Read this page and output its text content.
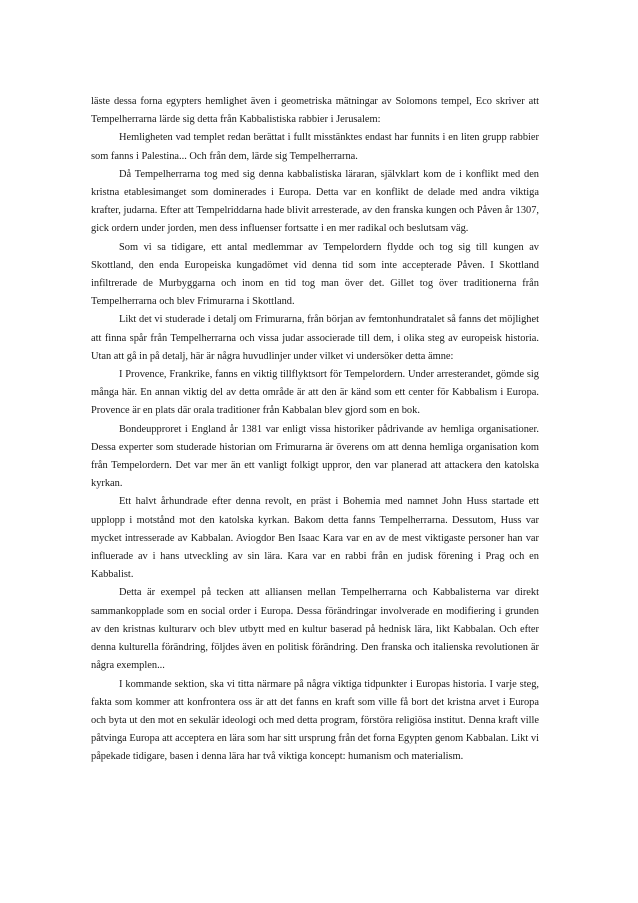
läste dessa forna egypters hemlighet även i geometriska mätningar av Solomons tempel, Eco skriver att Tempelherrarna lärde sig detta från Kabbalistiska rabbier i Jerusalem:

Hemligheten vad templet redan berättat i fullt misstänktes endast har funnits i en liten grupp rabbier som fanns i Palestina... Och från dem, lärde sig Tempelherrarna.

Då Tempelherrarna tog med sig denna kabbalistiska läraran, självklart kom de i konflikt med den kristna etablesimanget som dominerades i Europa. Detta var en konflikt de delade med andra viktiga krafter, judarna. Efter att Tempelriddarna hade blivit arresterade, av den franska kungen och Påven år 1307, gick ordern under jorden, men dess influenser fortsatte i en mer radikal och beslutsam väg.

Som vi sa tidigare, ett antal medlemmar av Tempelordern flydde och tog sig till kungen av Skottland, den enda Europeiska kungadömet vid denna tid som inte accepterade Påven. I Skottland infiltrerade de Murbyggarna och inom en tid tog man över det. Gillet tog över traditionerna från Tempelherrarna och blev Frimurarna i Skottland.

Likt det vi studerade i detalj om Frimurarna, från början av femtonhundratalet så fanns det möjlighet att finna spår från Tempelherrarna och vissa judar associerade till dem, i olika steg av europeisk historia. Utan att gå in på detalj, här är några huvudlinjer under vilket vi undersöker detta ämne:

I Provence, Frankrike, fanns en viktig tillflyktsort för Tempelordern. Under arresterandet, gömde sig många här. En annan viktig del av detta område är att den är känd som ett center för Kabbalism i Europa. Provence är en plats där orala traditioner från Kabbalan blev gjord som en bok.

Bondeupproret i England år 1381 var enligt vissa historiker pådrivande av hemliga organisationer. Dessa experter som studerade historian om Frimurarna är överens om att denna hemliga organisation kom från Tempelordern. Det var mer än ett vanligt folkigt uppror, den var planerad att attackera den katolska kyrkan.

Ett halvt århundrade efter denna revolt, en präst i Bohemia med namnet John Huss startade ett upplopp i motstånd mot den katolska kyrkan. Bakom detta fanns Tempelherrarna. Dessutom, Huss var mycket intresserade av Kabbalan. Aviogdor Ben Isaac Kara var en av de mest viktigaste personer han var influerade av i hans utveckling av sin lära. Kara var en rabbi från en judisk förening i Prag och en Kabbalist.

Detta är exempel på tecken att alliansen mellan Tempelherrarna och Kabbalisterna var direkt sammankopplade som en social order i Europa. Dessa förändringar involverade en modifiering i grunden av den kristnas kulturarv och blev utbytt med en kultur baserad på hednisk lära, likt Kabbalan. Och efter denna kulturella förändring, följdes även en politisk förändring. Den franska och italienska revolutionen är några exemplen...

I kommande sektion, ska vi titta närmare på några viktiga tidpunkter i Europas historia. I varje steg, fakta som kommer att konfrontera oss är att det fanns en kraft som ville få bort det kristna arvet i Europa och byta ut den mot en sekulär ideologi och med detta program, förstöra religiösa institut. Denna kraft ville påtvinga Europa att acceptera en lära som har sitt ursprung från det forna Egypten genom Kabbalan. Likt vi påpekade tidigare, basen i denna lära har två viktiga koncept: humanism och materialism.
